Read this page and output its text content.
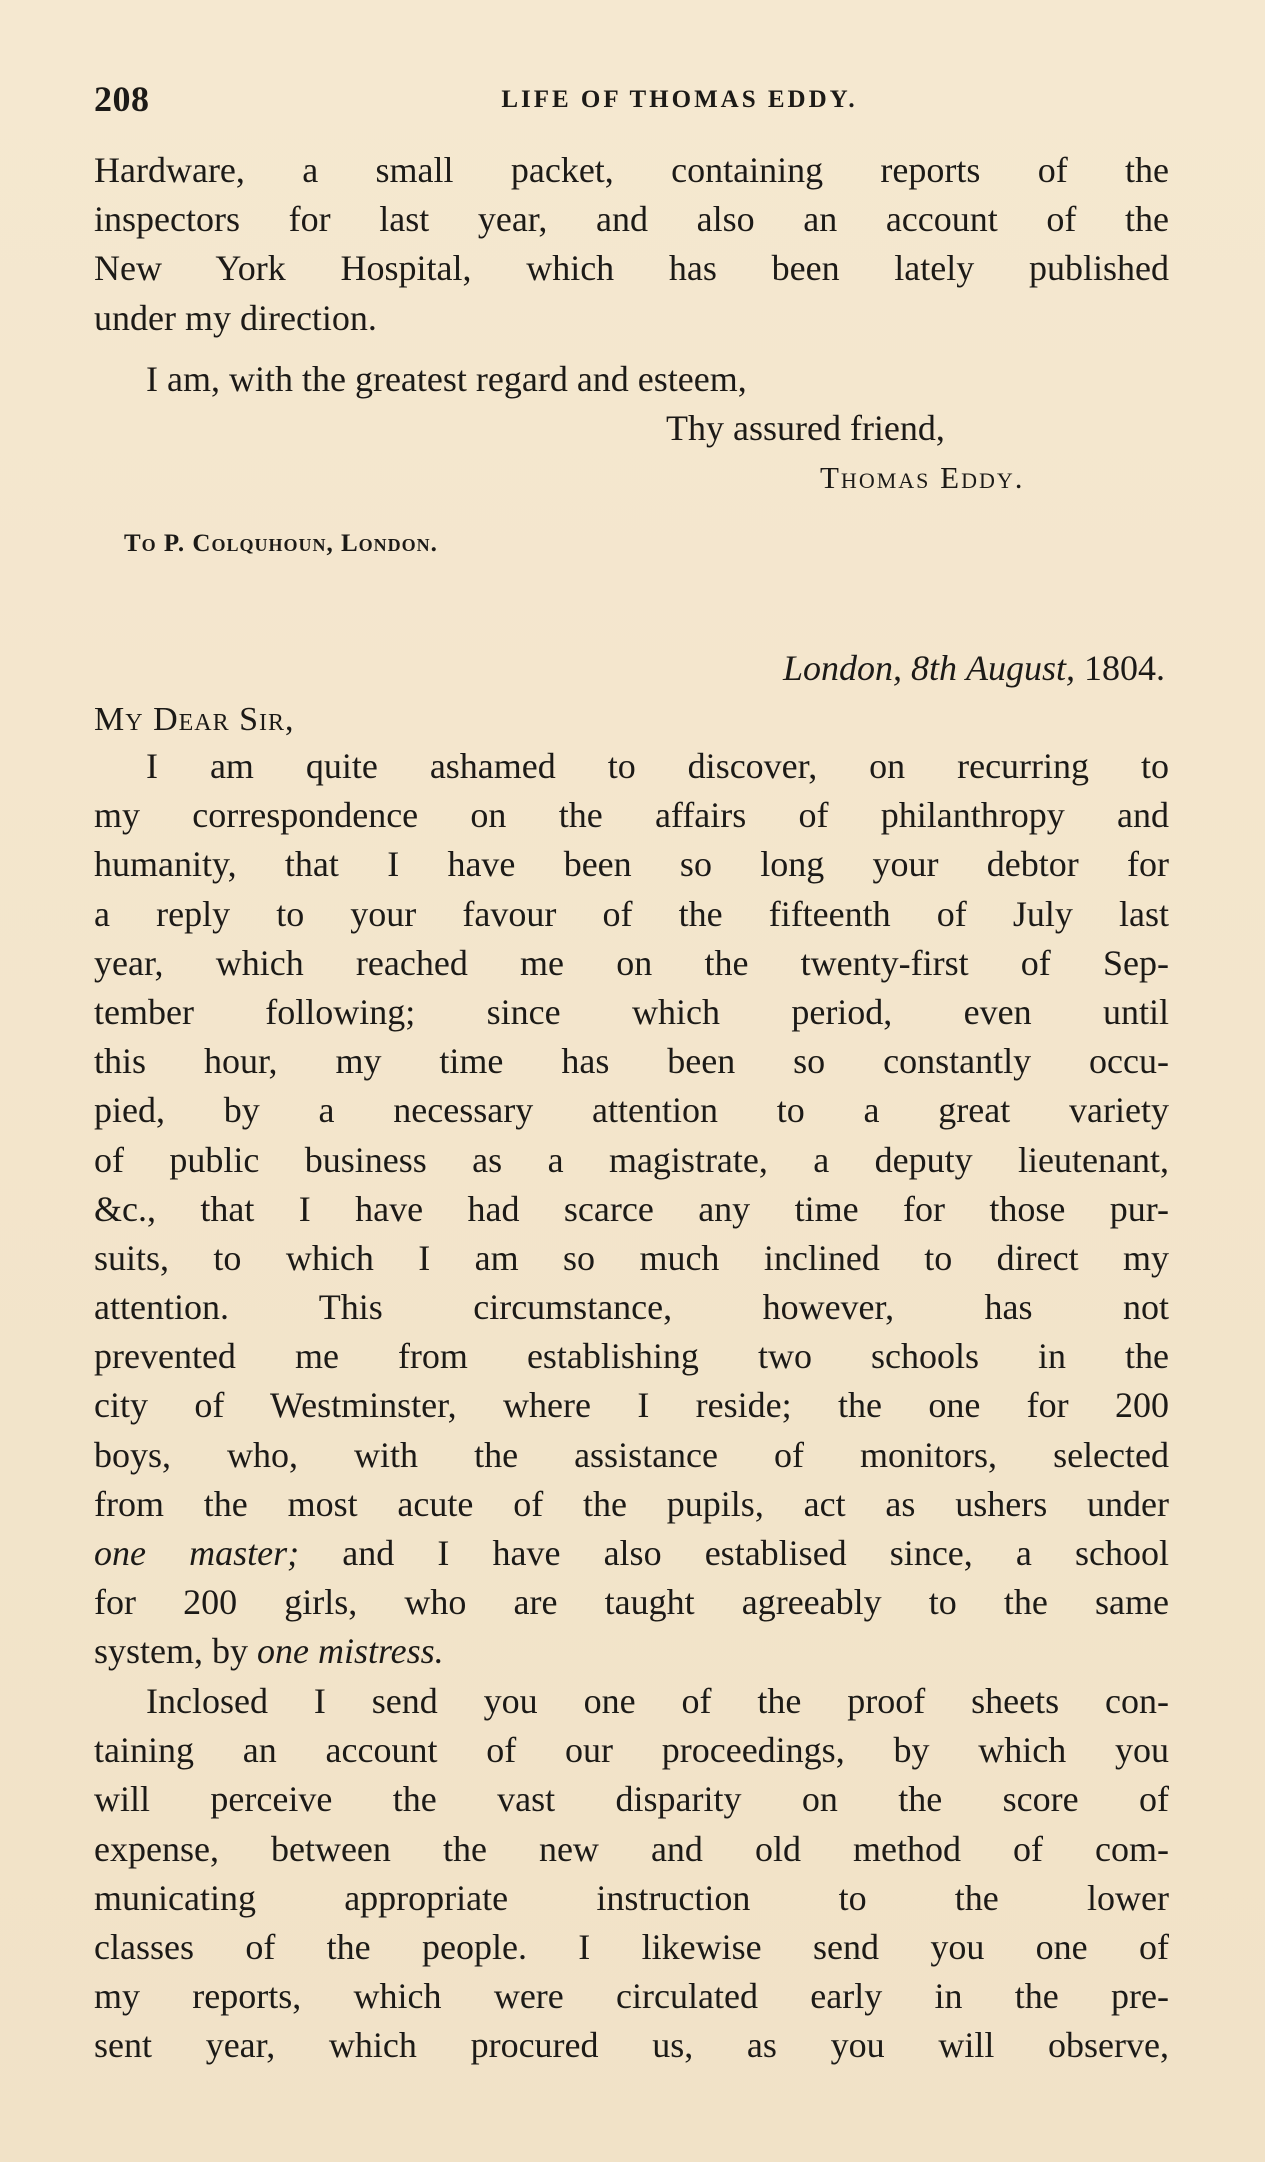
208	LIFE OF THOMAS EDDY.
Hardware, a small packet, containing reports of the
inspectors for last year, and also an account of the
New York Hospital, which has been lately published
under my direction.
I am, with the greatest regard and esteem,
Thy assured friend,
Thomas Eddy.
To P. Colquhoun, London.
London, 8th August, 1804.
My Dear Sir,
I am quite ashamed to discover, on recurring to
my correspondence on the affairs of philanthropy and
humanity, that I have been so long your debtor for
a reply to your favour of the fifteenth of July last
year, which reached me on the twenty-first of Sep-
tember following; since which period, even until
this hour, my time has been so constantly occu-
pied, by a necessary attention to a great variety
of public business as a magistrate, a deputy lieutenant,
&c., that I have had scarce any time for those pur-
suits, to which I am so much inclined to direct my
attention. This circumstance, however, has not
prevented me from establishing two schools in the
city of Westminster, where I reside; the one for 200
boys, who, with the assistance of monitors, selected
from the most acute of the pupils, act as ushers under
one master; and I have also establised since, a school
for 200 girls, who are taught agreeably to the same
system, by one mistress.
Inclosed I send you one of the proof sheets con-
taining an account of our proceedings, by which you
will perceive the vast disparity on the score of
expense, between the new and old method of com-
municating appropriate instruction to the lower
classes of the people. I likewise send you one of
my reports, which were circulated early in the pre-
sent year, which procured us, as you will observe,
